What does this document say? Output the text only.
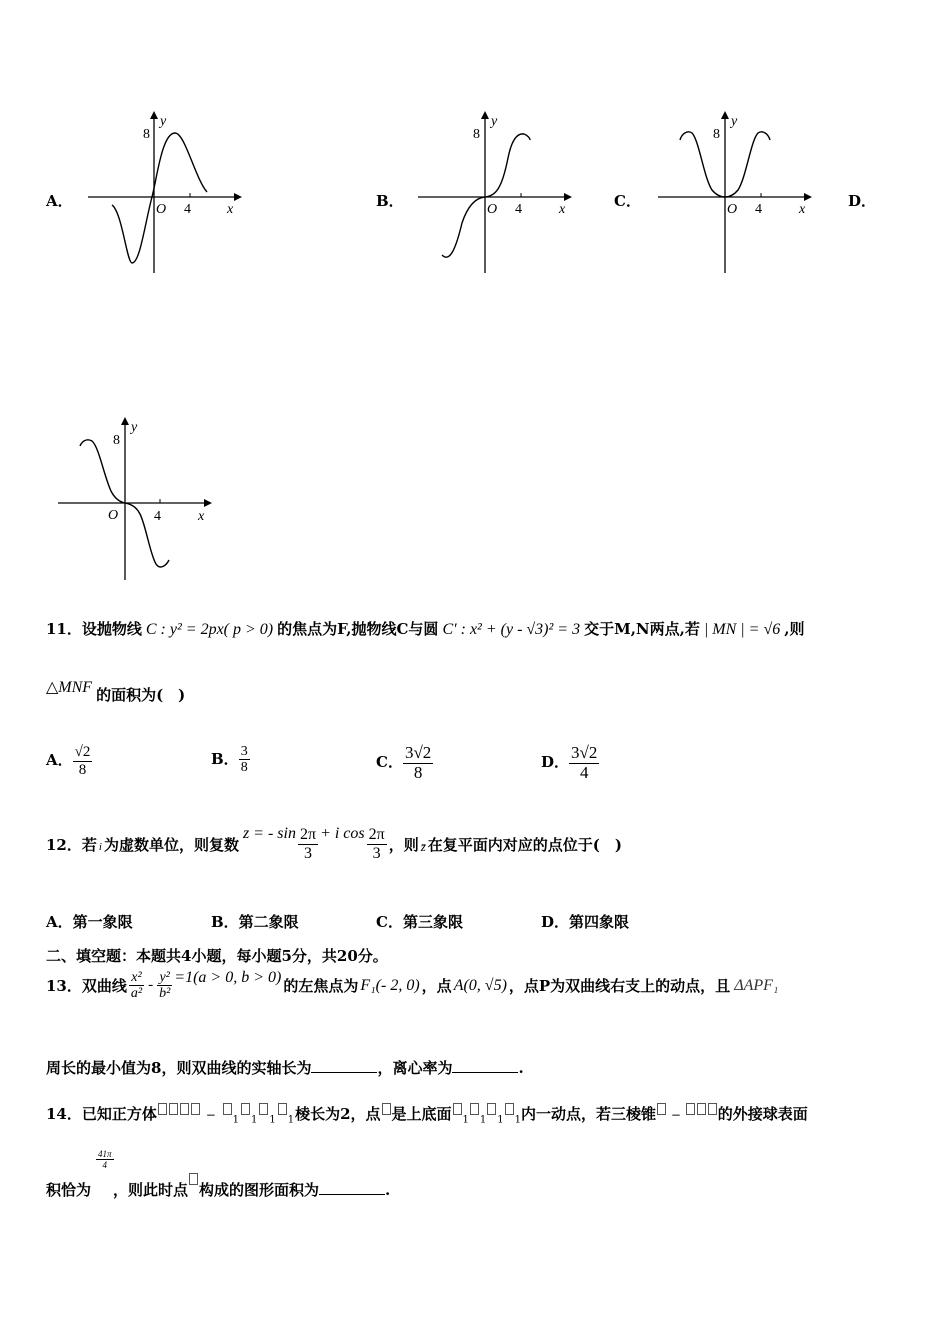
A．
8
y
O 4	x	B．
8
y
O 4	x	C．
8
y
O 4	x	D．
8
y
O	4	x
11．设抛物线 C : y² = 2px( p > 0) 的焦点为F,抛物线C与圆 C′ : x² + (y - √3)² = 3 交于M,N两点,若 | MN | = √6 ,则
△MNF 的面积为(　)
A． $\frac{√2}{8}$	B． $\frac{3}{8}$	C． $\frac{3√2}{8}$	D． $\frac{3√2}{4}$
12．若 i 为虚数单位，则复数
z = - $\sin \frac{2\pi}{3} + i$ $\cos \frac{2\pi}{3}$ ，则 z̄ 在复平面内对应的点位于(　)
A．第一象限	B．第二象限	C．第三象限	D．第四象限
二、填空题：本题共4小题，每小题5分，共20分。
13．双曲线 $\frac{\text{x²}}{\text{a²}} - \frac{\text{y²}}{\text{b²}} =1(a > 0$, b > 0) 的左焦点为 F₁(- 2, 0) ，点 A(0, √5) ，点P为双曲线右支上的动点，且 ΔAPF₁
周长的最小值为8，则双曲线的实轴长为	，离心率为	.
14．已知正方体	− $_1$ $_1$ $_1$ $_1$棱长为2，点 是上底面 $_1$ $_1$ $_1$ $_1$内一动点，若三棱锥 − 的外接球表面
41π
4
积恰为 ，则此时点 构成的图形面积为	.
